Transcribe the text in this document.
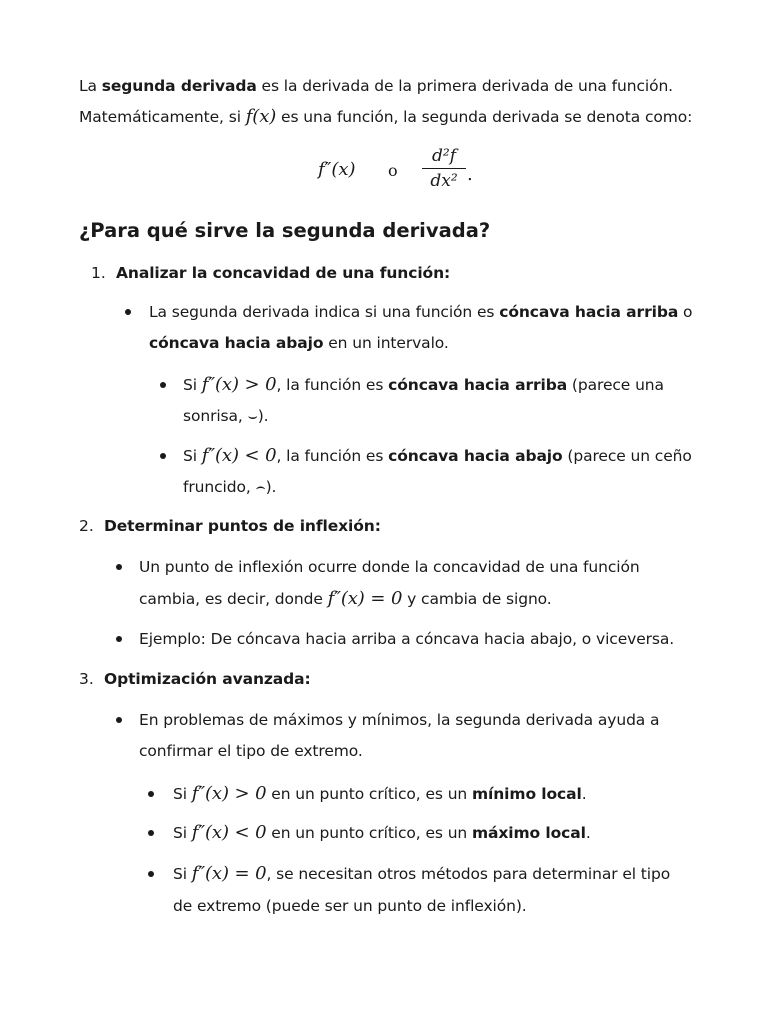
La segunda derivada es la derivada de la primera derivada de una función.
Matemáticamente, si f(x) es una función, la segunda derivada se denota como:
f″(x) o
d²f
dx² .
¿Para qué sirve la segunda derivada?
1. Analizar la concavidad de una función:
La segunda derivada indica si una función es cóncava hacia arriba o
cóncava hacia abajo en un intervalo.
Si f″(x) > 0, la función es cóncava hacia arriba (parece una
sonrisa, ⌣).
Si f″(x) < 0, la función es cóncava hacia abajo (parece un ceño
fruncido, ⌢).
2. Determinar puntos de inflexión:
Un punto de inflexión ocurre donde la concavidad de una función
cambia, es decir, donde f″(x) = 0 y cambia de signo.
Ejemplo: De cóncava hacia arriba a cóncava hacia abajo, o viceversa.
3. Optimización avanzada:
En problemas de máximos y mínimos, la segunda derivada ayuda a
confirmar el tipo de extremo.
Si f″(x) > 0 en un punto crítico, es un mínimo local.
Si f″(x) < 0 en un punto crítico, es un máximo local.
Si f″(x) = 0, se necesitan otros métodos para determinar el tipo
de extremo (puede ser un punto de inflexión).
